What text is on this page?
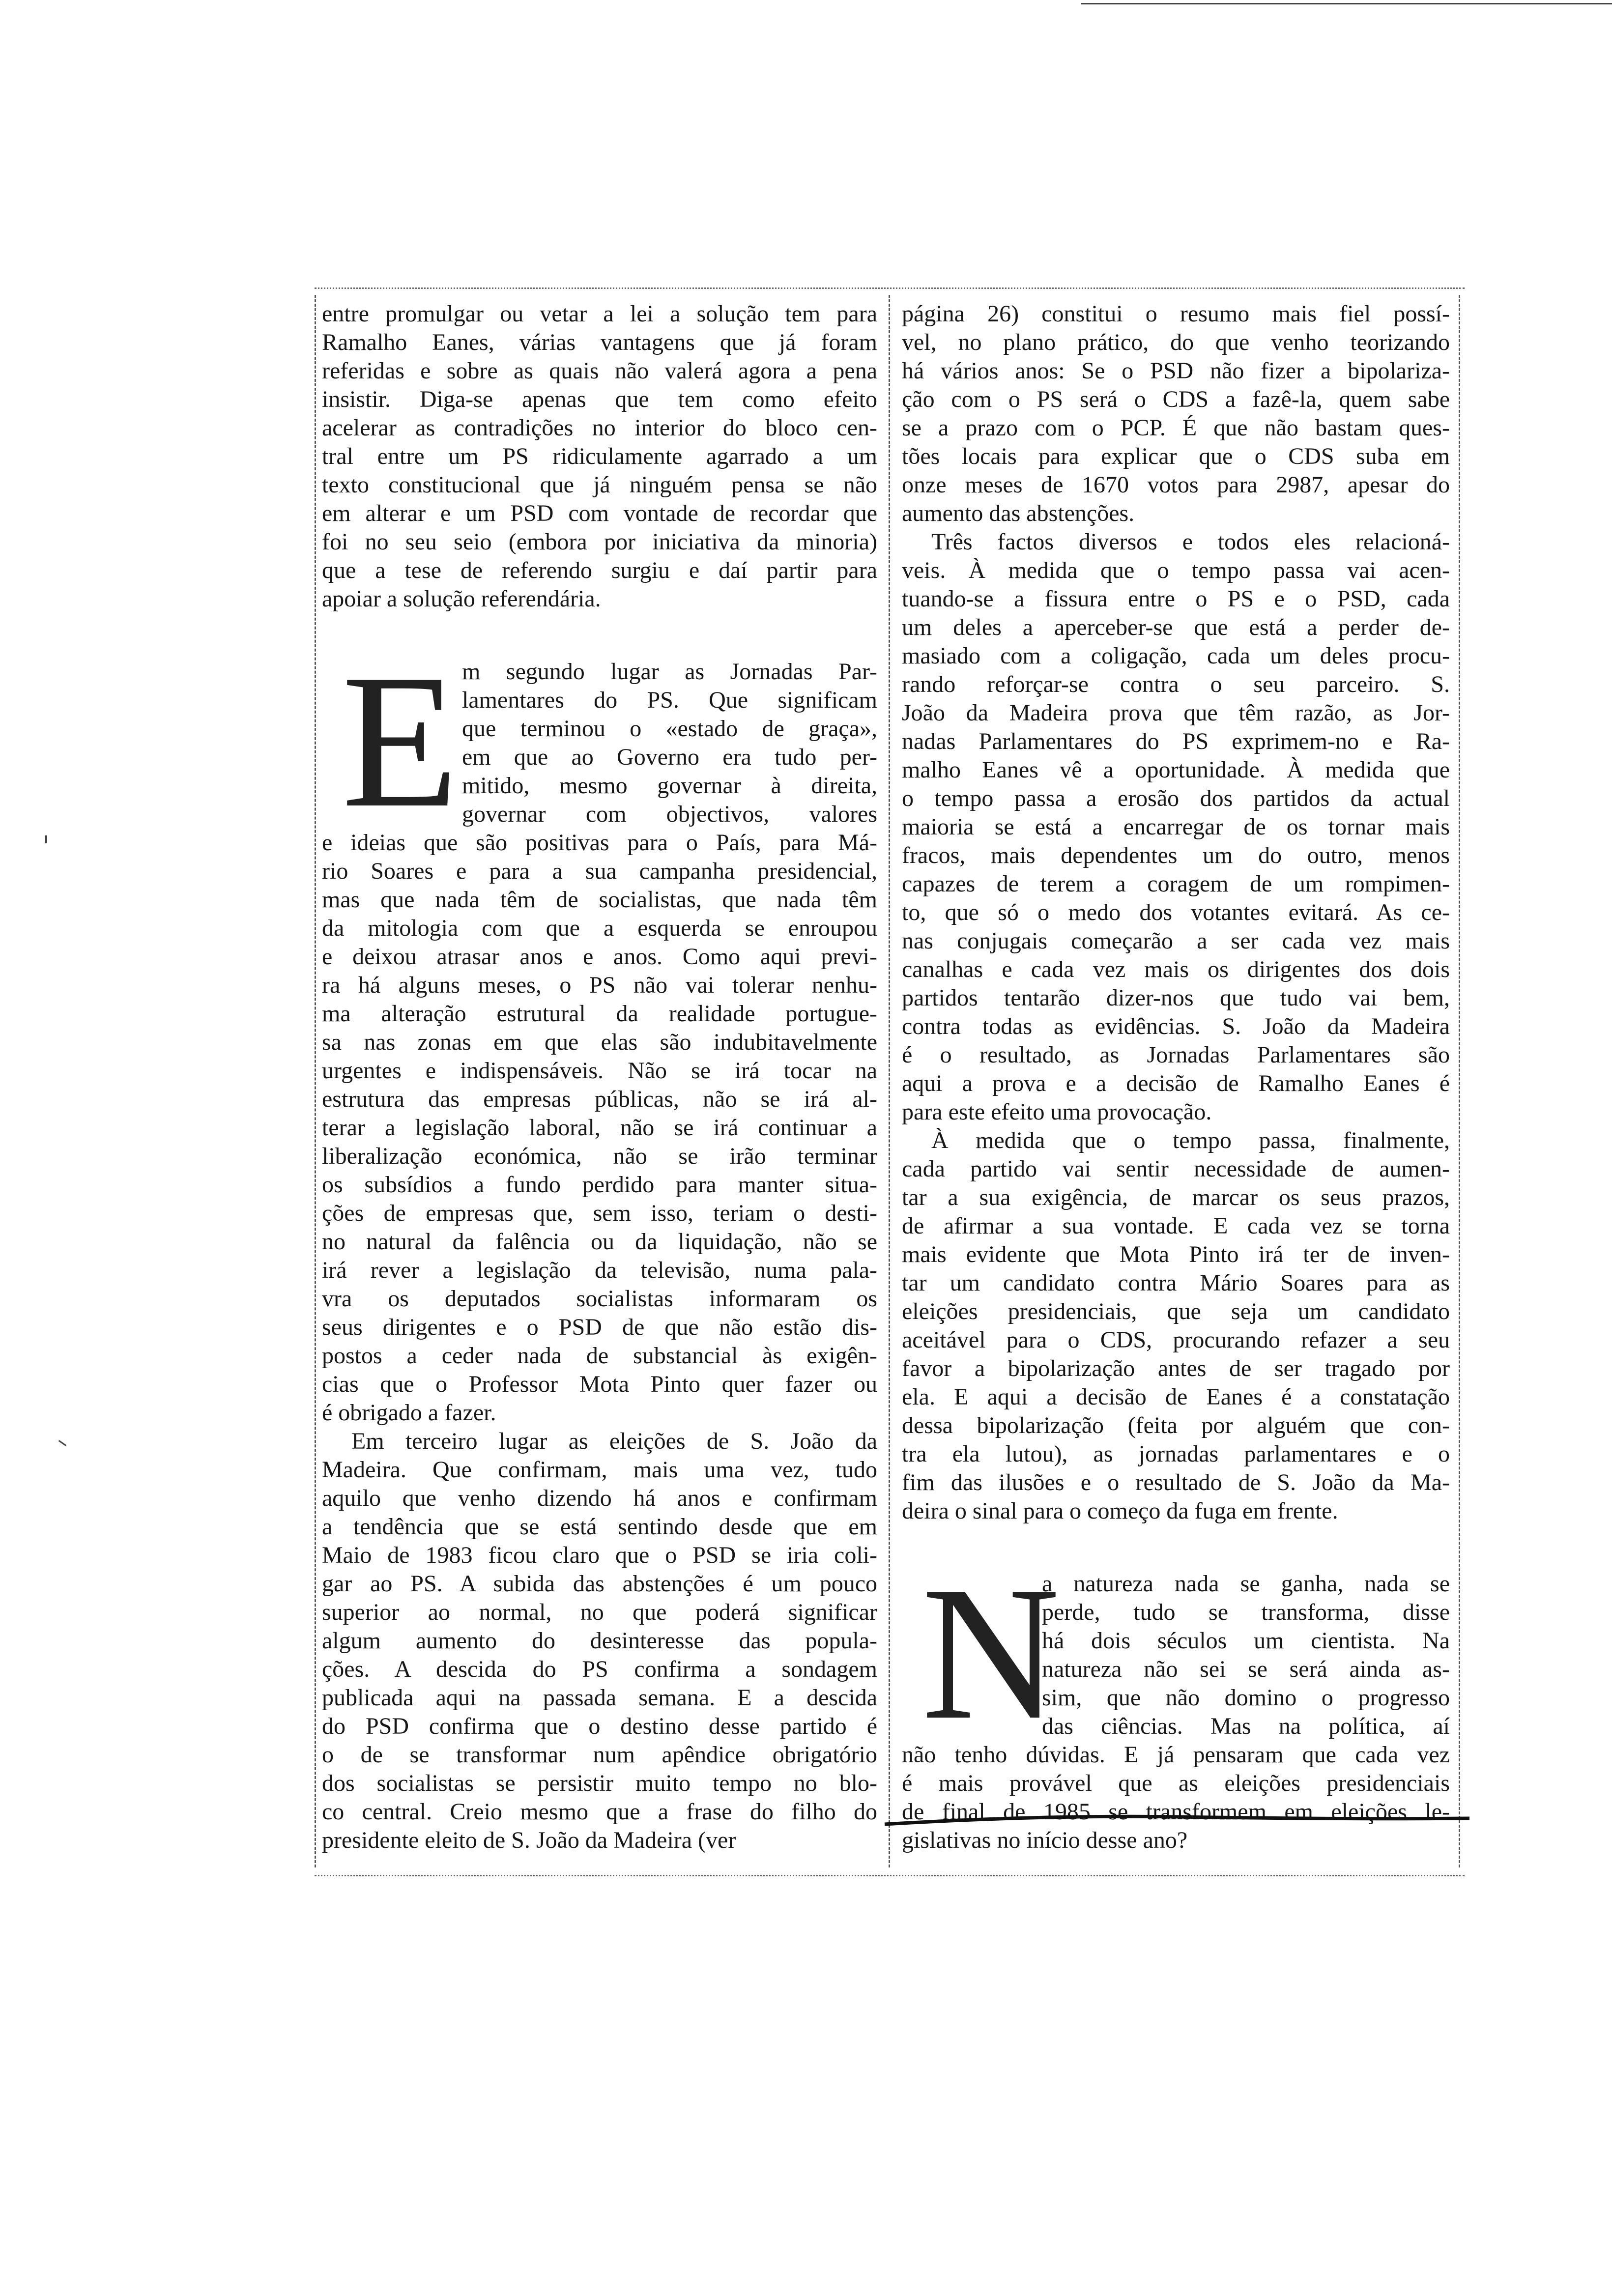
entre promulgar ou vetar a lei a solução tem para
Ramalho Eanes, várias vantagens que já foram
referidas e sobre as quais não valerá agora a pena
insistir. Diga-se apenas que tem como efeito
acelerar as contradições no interior do bloco cen-
tral entre um PS ridiculamente agarrado a um
texto constitucional que já ninguém pensa se não
em alterar e um PSD com vontade de recordar que
foi no seu seio (embora por iniciativa da minoria)
que a tese de referendo surgiu e daí partir para
apoiar a solução referendária.
E m segundo lugar as Jornadas Par-
lamentares do PS. Que significam
que terminou o «estado de graça»,
em que ao Governo era tudo per-
mitido, mesmo governar à direita,
governar com objectivos, valores
e ideias que são positivas para o País, para Má-
rio Soares e para a sua campanha presidencial,
mas que nada têm de socialistas, que nada têm
da mitologia com que a esquerda se enroupou
e deixou atrasar anos e anos. Como aqui previ-
ra há alguns meses, o PS não vai tolerar nenhu-
ma alteração estrutural da realidade portugue-
sa nas zonas em que elas são indubitavelmente
urgentes e indispensáveis. Não se irá tocar na
estrutura das empresas públicas, não se irá al-
terar a legislação laboral, não se irá continuar a
liberalização económica, não se irão terminar
os subsídios a fundo perdido para manter situa-
ções de empresas que, sem isso, teriam o desti-
no natural da falência ou da liquidação, não se
irá rever a legislação da televisão, numa pala-
vra os deputados socialistas informaram os
seus dirigentes e o PSD de que não estão dis-
postos a ceder nada de substancial às exigên-
cias que o Professor Mota Pinto quer fazer ou
é obrigado a fazer.
Em terceiro lugar as eleições de S. João da
Madeira. Que confirmam, mais uma vez, tudo
aquilo que venho dizendo há anos e confirmam
a tendência que se está sentindo desde que em
Maio de 1983 ficou claro que o PSD se iria coli-
gar ao PS. A subida das abstenções é um pouco
superior ao normal, no que poderá significar
algum aumento do desinteresse das popula-
ções. A descida do PS confirma a sondagem
publicada aqui na passada semana. E a descida
do PSD confirma que o destino desse partido é
o de se transformar num apêndice obrigatório
dos socialistas se persistir muito tempo no blo-
co central. Creio mesmo que a frase do filho do
presidente eleito de S. João da Madeira (ver
página 26) constitui o resumo mais fiel possí-
vel, no plano prático, do que venho teorizando
há vários anos: Se o PSD não fizer a bipolariza-
ção com o PS será o CDS a fazê-la, quem sabe
se a prazo com o PCP. É que não bastam ques-
tões locais para explicar que o CDS suba em
onze meses de 1670 votos para 2987, apesar do
aumento das abstenções.
Três factos diversos e todos eles relacioná-
veis. À medida que o tempo passa vai acen-
tuando-se a fissura entre o PS e o PSD, cada
um deles a aperceber-se que está a perder de-
masiado com a coligação, cada um deles procu-
rando reforçar-se contra o seu parceiro. S.
João da Madeira prova que têm razão, as Jor-
nadas Parlamentares do PS exprimem-no e Ra-
malho Eanes vê a oportunidade. À medida que
o tempo passa a erosão dos partidos da actual
maioria se está a encarregar de os tornar mais
fracos, mais dependentes um do outro, menos
capazes de terem a coragem de um rompimen-
to, que só o medo dos votantes evitará. As ce-
nas conjugais começarão a ser cada vez mais
canalhas e cada vez mais os dirigentes dos dois
partidos tentarão dizer-nos que tudo vai bem,
contra todas as evidências. S. João da Madeira
é o resultado, as Jornadas Parlamentares são
aqui a prova e a decisão de Ramalho Eanes é
para este efeito uma provocação.
À medida que o tempo passa, finalmente,
cada partido vai sentir necessidade de aumen-
tar a sua exigência, de marcar os seus prazos,
de afirmar a sua vontade. E cada vez se torna
mais evidente que Mota Pinto irá ter de inven-
tar um candidato contra Mário Soares para as
eleições presidenciais, que seja um candidato
aceitável para o CDS, procurando refazer a seu
favor a bipolarização antes de ser tragado por
ela. E aqui a decisão de Eanes é a constatação
dessa bipolarização (feita por alguém que con-
tra ela lutou), as jornadas parlamentares e o
fim das ilusões e o resultado de S. João da Ma-
deira o sinal para o começo da fuga em frente.
N
a natureza nada se ganha, nada se
perde, tudo se transforma, disse
há dois séculos um cientista. Na
natureza não sei se será ainda as-
sim, que não domino o progresso
das ciências. Mas na política, aí
não tenho dúvidas. E já pensaram que cada vez
é mais provável que as eleições presidenciais
de final de 1985 se transformem em eleições le-
gislativas no início desse ano?
